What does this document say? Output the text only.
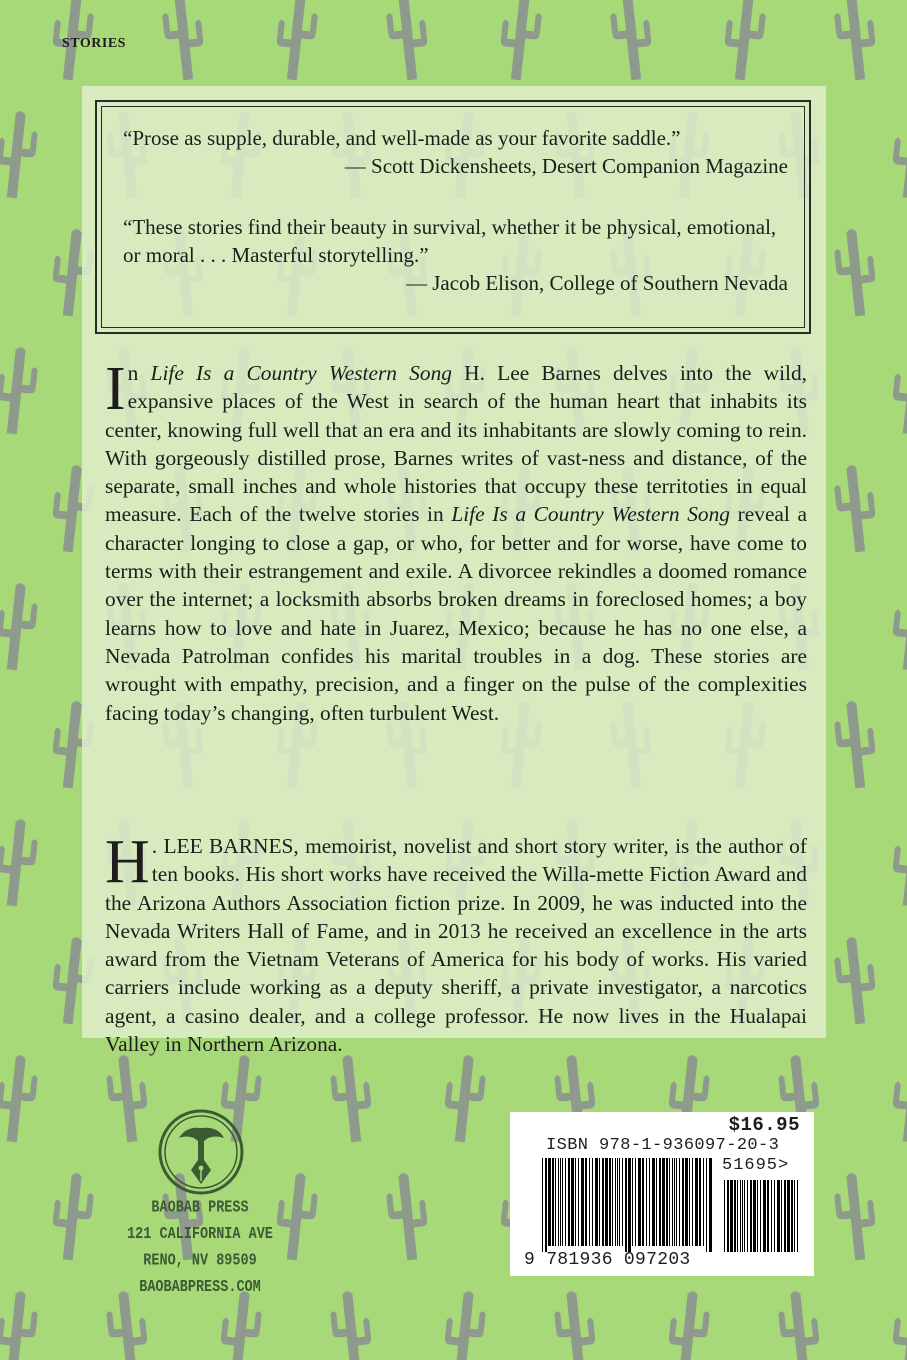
STORIES
“Prose as supple, durable, and well-made as your favorite saddle.”
— Scott Dickensheets, Desert Companion Magazine
“These stories find their beauty in survival, whether it be physical, emotional, or moral . . . Masterful storytelling.”
— Jacob Elison, College of Southern Nevada
In Life Is a Country Western Song H. Lee Barnes delves into the wild, expansive places of the West in search of the human heart that inhabits its center, knowing full well that an era and its inhabitants are slowly coming to rein. With gorgeously distilled prose, Barnes writes of vast-ness and distance, of the separate, small inches and whole histories that occupy these territoties in equal measure. Each of the twelve stories in Life Is a Country Western Song reveal a character longing to close a gap, or who, for better and for worse, have come to terms with their estrangement and exile. A divorcee rekindles a doomed romance over the internet; a locksmith absorbs broken dreams in foreclosed homes; a boy learns how to love and hate in Juarez, Mexico; because he has no one else, a Nevada Patrolman confides his marital troubles in a dog. These stories are wrought with empathy, precision, and a finger on the pulse of the complexities facing today’s changing, often turbulent West.
H . LEE BARNES, memoirist, novelist and short story writer, is the author of ten books. His short works have received the Willa-mette Fiction Award and the Arizona Authors Association fiction prize. In 2009, he was inducted into the Nevada Writers Hall of Fame, and in 2013 he received an excellence in the arts award from the Vietnam Veterans of America for his body of works. His varied carriers include working as a deputy sheriff, a private investigator, a narcotics agent, a casino dealer, and a college professor. He now lives in the Hualapai Valley in Northern Arizona.
BAOBAB PRESS
121 CALIFORNIA AVE
RENO, NV 89509
BAOBABPRESS.COM
$16.95
ISBN 978-1-936097-20-3
51695>
9 781936 097203
